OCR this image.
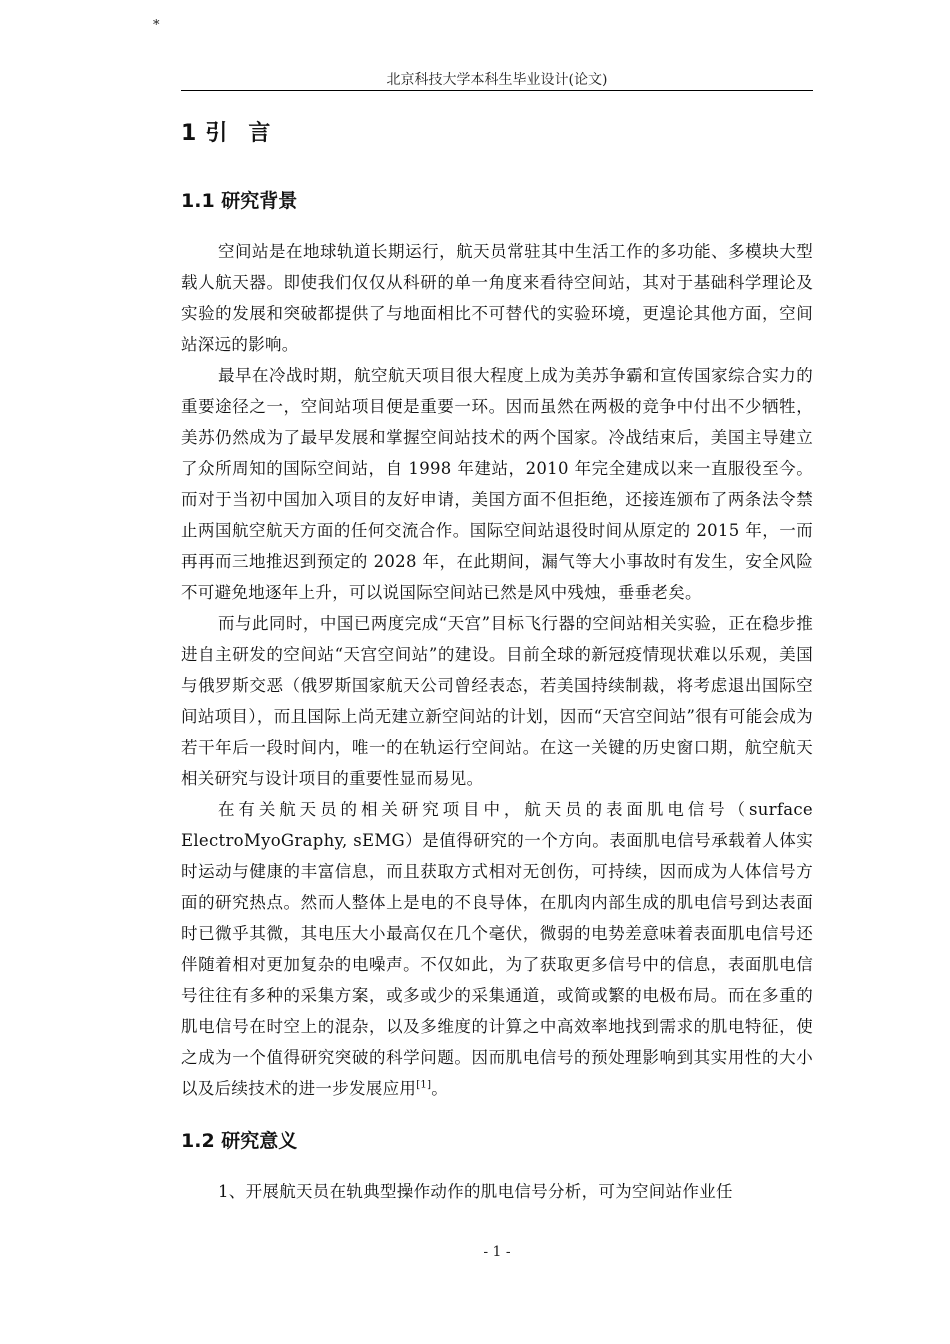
*
北京科技大学本科生毕业设计(论文)
1 引 言
1.1 研究背景

空间站是在地球轨道长期运行，航天员常驻其中生活工作的多功能、多模块大型载人航天器。即使我们仅仅从科研的单一角度来看待空间站，其对于基础科学理论及实验的发展和突破都提供了与地面相比不可替代的实验环境，更遑论其他方面，空间站深远的影响。

最早在冷战时期，航空航天项目很大程度上成为美苏争霸和宣传国家综合实力的重要途径之一，空间站项目便是重要一环。因而虽然在两极的竞争中付出不少牺牲，美苏仍然成为了最早发展和掌握空间站技术的两个国家。冷战结束后，美国主导建立了众所周知的国际空间站，自 1998 年建站，2010 年完全建成以来一直服役至今。而对于当初中国加入项目的友好申请，美国方面不但拒绝，还接连颁布了两条法令禁止两国航空航天方面的任何交流合作。国际空间站退役时间从原定的 2015 年，一而再再而三地推迟到预定的 2028 年，在此期间，漏气等大小事故时有发生，安全风险不可避免地逐年上升，可以说国际空间站已然是风中残烛，垂垂老矣。

而与此同时，中国已两度完成“天宫”目标飞行器的空间站相关实验，正在稳步推进自主研发的空间站“天宫空间站”的建设。目前全球的新冠疫情现状难以乐观，美国与俄罗斯交恶（俄罗斯国家航天公司曾经表态，若美国持续制裁，将考虑退出国际空间站项目），而且国际上尚无建立新空间站的计划，因而“天宫空间站”很有可能会成为若干年后一段时间内，唯一的在轨运行空间站。在这一关键的历史窗口期，航空航天相关研究与设计项目的重要性显而易见。

在有关航天员的相关研究项目中，航天员的表面肌电信号（surface ElectroMyoGraphy, sEMG）是值得研究的一个方向。表面肌电信号承载着人体实时运动与健康的丰富信息，而且获取方式相对无创伤，可持续，因而成为人体信号方面的研究热点。然而人整体上是电的不良导体，在肌肉内部生成的肌电信号到达表面时已微乎其微，其电压大小最高仅在几个毫伏，微弱的电势差意味着表面肌电信号还伴随着相对更加复杂的电噪声。不仅如此，为了获取更多信号中的信息，表面肌电信号往往有多种的采集方案，或多或少的采集通道，或简或繁的电极布局。而在多重的肌电信号在时空上的混杂，以及多维度的计算之中高效率地找到需求的肌电特征，使之成为一个值得研究突破的科学问题。因而肌电信号的预处理影响到其实用性的大小以及后续技术的进一步发展应用[1]。

1.2 研究意义

1、开展航天员在轨典型操作动作的肌电信号分析，可为空间站作业任

- 1 -
